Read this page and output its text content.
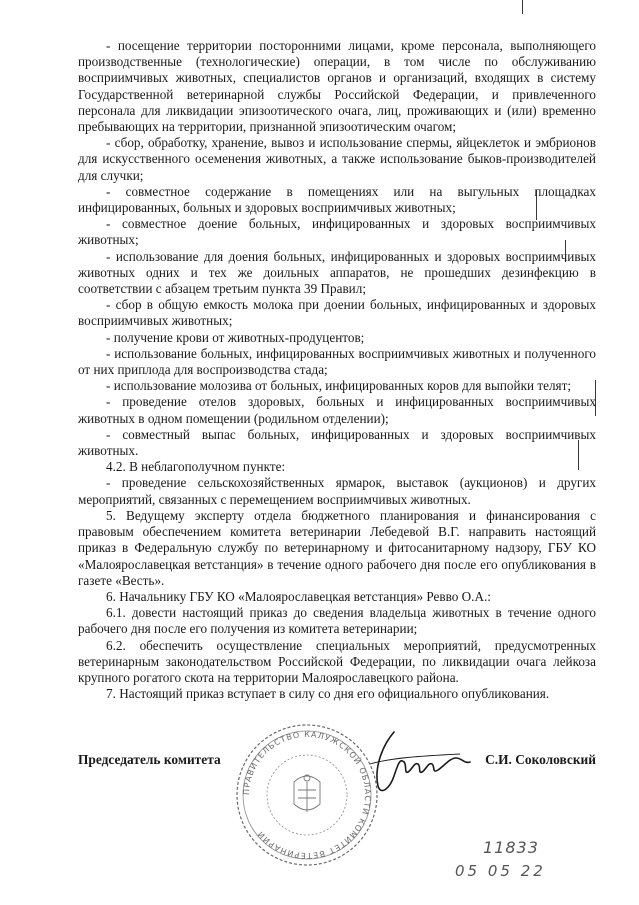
- посещение территории посторонними лицами, кроме персонала, выполняющего производственные (технологические) операции, в том числе по обслуживанию восприимчивых животных, специалистов органов и организаций, входящих в систему Государственной ветеринарной службы Российской Федерации, и привлеченного персонала для ликвидации эпизоотического очага, лиц, проживающих и (или) временно пребывающих на территории, признанной эпизоотическим очагом;

- сбор, обработку, хранение, вывоз и использование спермы, яйцеклеток и эмбрионов для искусственного осеменения животных, а также использование быков-производителей для случки;

- совместное содержание в помещениях или на выгульных площадках инфицированных, больных и здоровых восприимчивых животных;

- совместное доение больных, инфицированных и здоровых восприимчивых животных;

- использование для доения больных, инфицированных и здоровых восприимчивых животных одних и тех же доильных аппаратов, не прошедших дезинфекцию в соответствии с абзацем третьим пункта 39 Правил;

- сбор в общую емкость молока при доении больных, инфицированных и здоровых восприимчивых животных;

- получение крови от животных-продуцентов;

- использование больных, инфицированных восприимчивых животных и полученного от них приплода для воспроизводства стада;

- использование молозива от больных, инфицированных коров для выпойки телят;

- проведение отелов здоровых, больных и инфицированных восприимчивых животных в одном помещении (родильном отделении);

- совместный выпас больных, инфицированных и здоровых восприимчивых животных.

4.2. В неблагополучном пункте:

- проведение сельскохозяйственных ярмарок, выставок (аукционов) и других мероприятий, связанных с перемещением восприимчивых животных.

5. Ведущему эксперту отдела бюджетного планирования и финансирования с правовым обеспечением комитета ветеринарии Лебедевой В.Г. направить настоящий приказ в Федеральную службу по ветеринарному и фитосанитарному надзору, ГБУ КО «Малоярославецкая ветстанция» в течение одного рабочего дня после его опубликования в газете «Весть».

6. Начальнику ГБУ КО «Малоярославецкая ветстанция» Ревво О.А.:

6.1. довести настоящий приказ до сведения владельца животных в течение одного рабочего дня после его получения из комитета ветеринарии;

6.2. обеспечить осуществление специальных мероприятий, предусмотренных ветеринарным законодательством Российской Федерации, по ликвидации очага лейкоза крупного рогатого скота на территории Малоярославецкого района.

7. Настоящий приказ вступает в силу со дня его официального опубликования.

ПРАВИТЕЛЬСТВО КАЛУЖСКОЙ ОБЛАСТИ КОМИТЕТ ВЕТЕРИНАРИИ
Председатель комитета	С.И. Соколовский
11833
05 05 22
